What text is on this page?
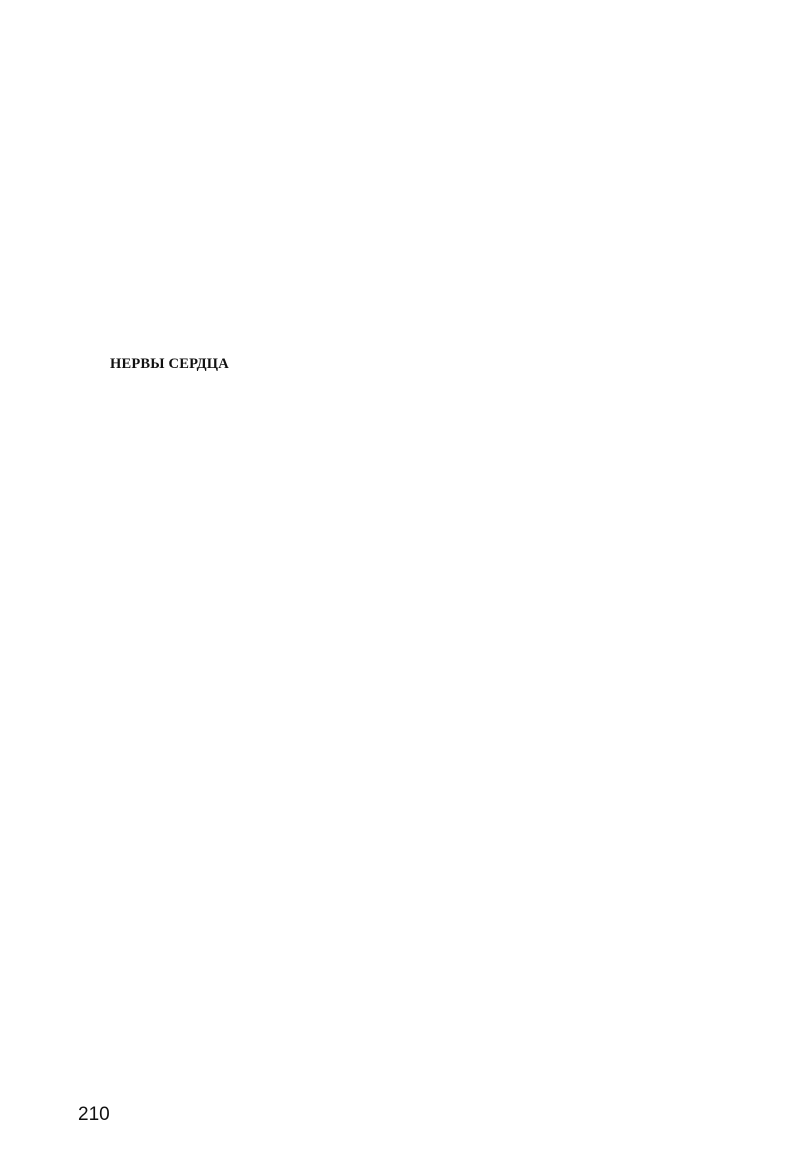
НЕРВЫ СЕРДЦА
210
